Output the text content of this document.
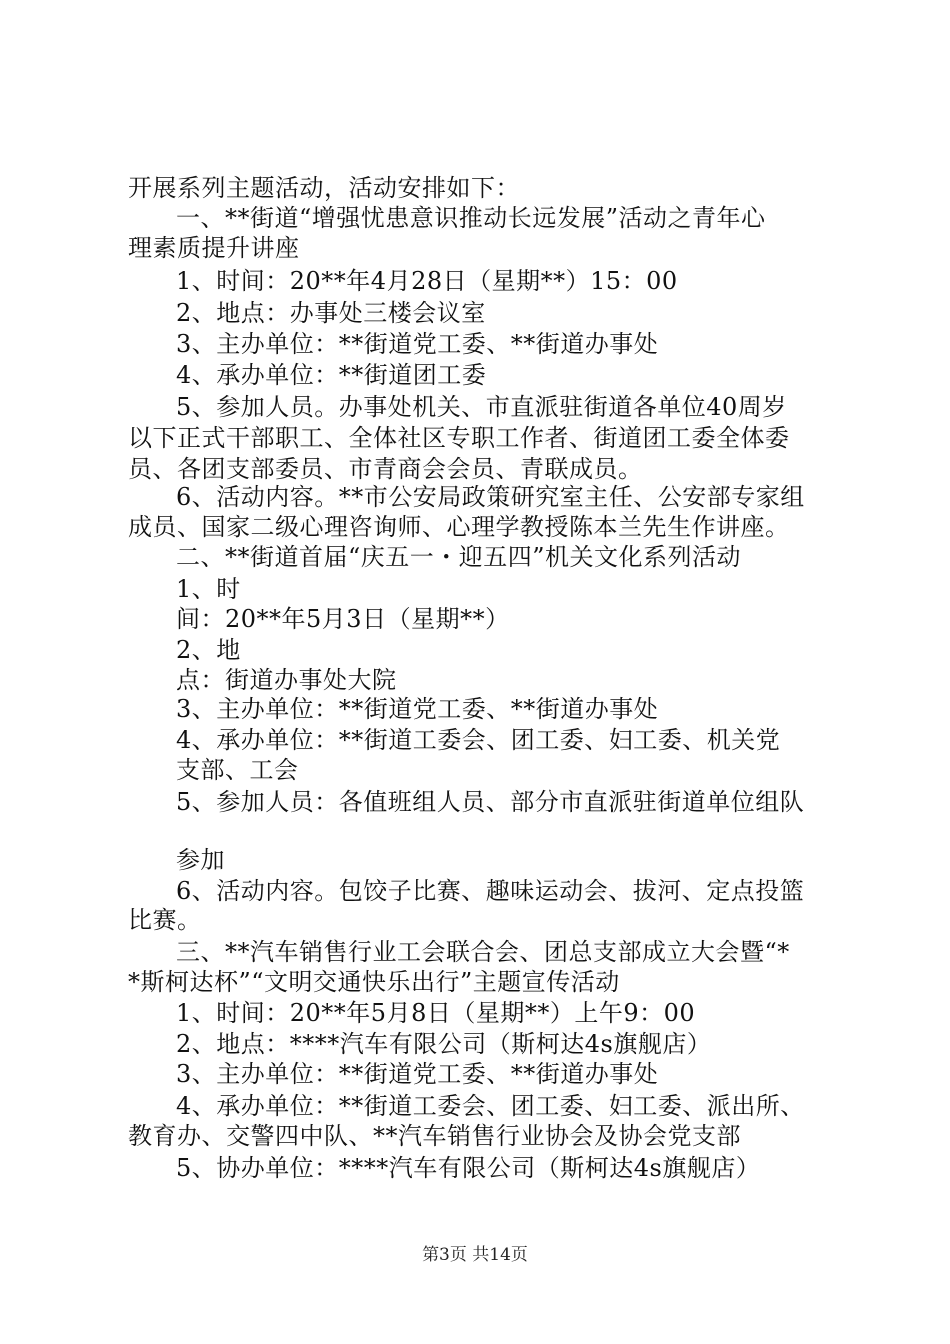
开展系列主题活动，活动安排如下：
一、**街道“增强忧患意识推动长远发展”活动之青年心
理素质提升讲座
1、时间：20**年4月28日（星期**）15：00
2、地点：办事处三楼会议室
3、主办单位：**街道党工委、**街道办事处
4、承办单位：**街道团工委
5、参加人员。办事处机关、市直派驻街道各单位40周岁
以下正式干部职工、全体社区专职工作者、街道团工委全体委
员、各团支部委员、市青商会会员、青联成员。
6、活动内容。**市公安局政策研究室主任、公安部专家组
成员、国家二级心理咨询师、心理学教授陈本兰先生作讲座。
二、**街道首届“庆五一・迎五四”机关文化系列活动
1、时
间：20**年5月3日（星期**）
2、地
点：街道办事处大院
3、主办单位：**街道党工委、**街道办事处
4、承办单位：**街道工委会、团工委、妇工委、机关党
支部、工会
5、参加人员：各值班组人员、部分市直派驻街道单位组队
参加
6、活动内容。包饺子比赛、趣味运动会、拔河、定点投篮
比赛。
三、**汽车销售行业工会联合会、团总支部成立大会暨“*
*斯柯达杯”“文明交通快乐出行”主题宣传活动
1、时间：20**年5月8日（星期**）上午9：00
2、地点：****汽车有限公司（斯柯达4s旗舰店）
3、主办单位：**街道党工委、**街道办事处
4、承办单位：**街道工委会、团工委、妇工委、派出所、
教育办、交警四中队、**汽车销售行业协会及协会党支部
5、协办单位：****汽车有限公司（斯柯达4s旗舰店）
第3页 共14页
